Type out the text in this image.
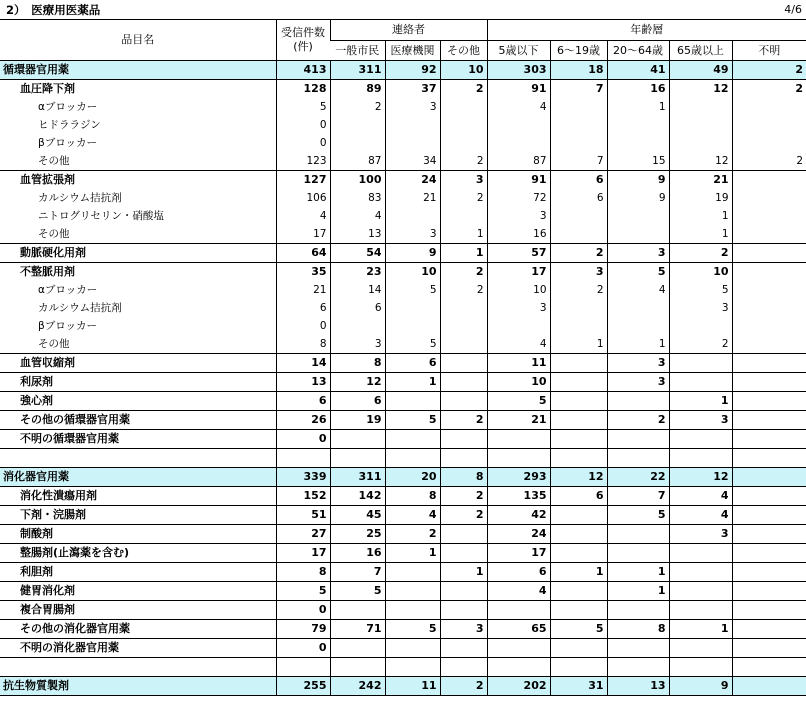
2）　医療用医薬品	4/6
品目名	受信件数
(件)	連絡者			年齢層				
		一般市民	医療機関	その他	5歳以下	6～19歳	20～64歳	65歳以上	不明
循環器官用薬	413	311	92	10	303	18	41	49	2
血圧降下剤	128	89	37	2	91	7	16	12	2
αブロッカー	5	2	3		4		1		
ヒドララジン	0								
βブロッカー	0								
その他	123	87	34	2	87	7	15	12	2
血管拡張剤	127	100	24	3	91	6	9	21	
カルシウム拮抗剤	106	83	21	2	72	6	9	19	
ニトログリセリン・硝酸塩	4	4			3			1	
その他	17	13	3	1	16			1	
動脈硬化用剤	64	54	9	1	57	2	3	2	
不整脈用剤	35	23	10	2	17	3	5	10	
αブロッカー	21	14	5	2	10	2	4	5	
カルシウム拮抗剤	6	6			3			3	
βブロッカー	0								
その他	8	3	5		4	1	1	2	
血管収縮剤	14	8	6		11		3		
利尿剤	13	12	1		10		3		
強心剤	6	6			5			1	
その他の循環器官用薬	26	19	5	2	21		2	3	
不明の循環器官用薬	0								

消化器官用薬	339	311	20	8	293	12	22	12	
消化性潰瘍用剤	152	142	8	2	135	6	7	4	
下剤・浣腸剤	51	45	4	2	42		5	4	
制酸剤	27	25	2		24			3	
整腸剤(止瀉薬を含む)	17	16	1		17				
利胆剤	8	7		1	6	1	1		
健胃消化剤	5	5			4		1		
複合胃腸剤	0								
その他の消化器官用薬	79	71	5	3	65	5	8	1	
不明の消化器官用薬	0								

抗生物質製剤	255	242	11	2	202	31	13	9	
